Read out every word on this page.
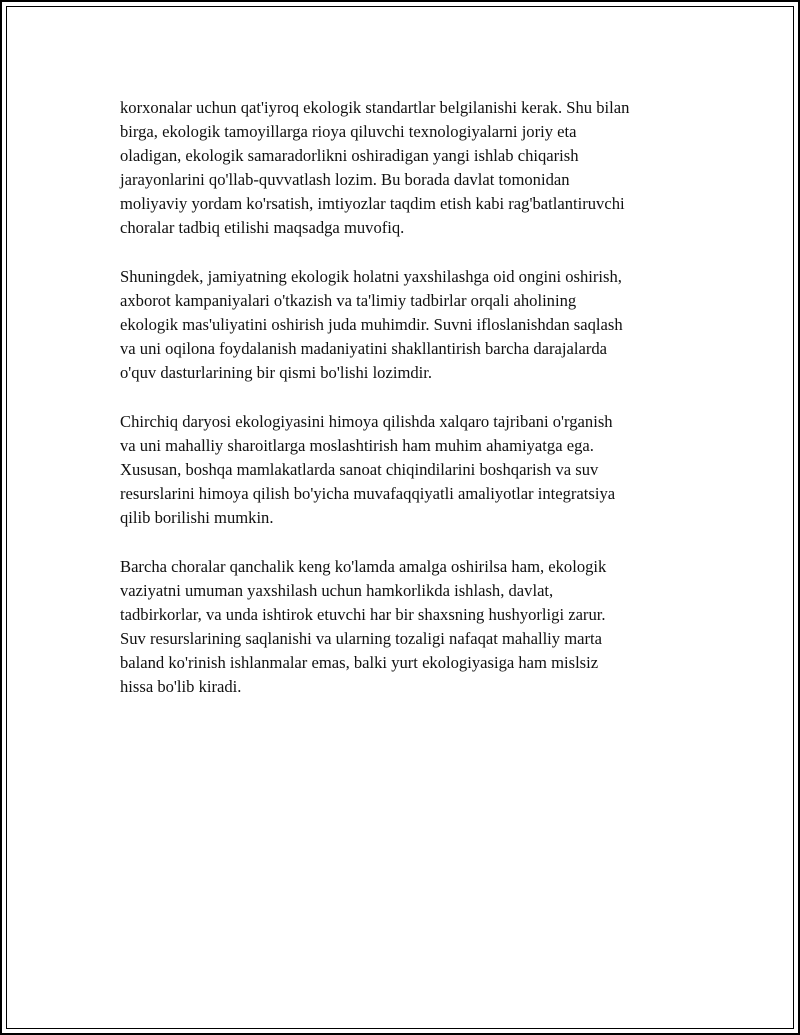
korxonalar uchun qat'iyroq ekologik standartlar belgilanishi kerak. Shu bilan
birga, ekologik tamoyillarga rioya qiluvchi texnologiyalarni joriy eta
oladigan, ekologik samaradorlikni oshiradigan yangi ishlab chiqarish
jarayonlarini qo'llab-quvvatlash lozim. Bu borada davlat tomonidan
moliyaviy yordam ko'rsatish, imtiyozlar taqdim etish kabi rag'batlantiruvchi
choralar tadbiq etilishi maqsadga muvofiq.

Shuningdek, jamiyatning ekologik holatni yaxshilashga oid ongini oshirish,
axborot kampaniyalari o'tkazish va ta'limiy tadbirlar orqali aholining
ekologik mas'uliyatini oshirish juda muhimdir. Suvni ifloslanishdan saqlash
va uni oqilona foydalanish madaniyatini shakllantirish barcha darajalarda
o'quv dasturlarining bir qismi bo'lishi lozimdir.

Chirchiq daryosi ekologiyasini himoya qilishda xalqaro tajribani o'rganish
va uni mahalliy sharoitlarga moslashtirish ham muhim ahamiyatga ega.
Xususan, boshqa mamlakatlarda sanoat chiqindilarini boshqarish va suv
resurslarini himoya qilish bo'yicha muvafaqqiyatli amaliyotlar integratsiya
qilib borilishi mumkin.

Barcha choralar qanchalik keng ko'lamda amalga oshirilsa ham, ekologik
vaziyatni umuman yaxshilash uchun hamkorlikda ishlash, davlat,
tadbirkorlar, va unda ishtirok etuvchi har bir shaxsning hushyorligi zarur.
Suv resurslarining saqlanishi va ularning tozaligi nafaqat mahalliy marta
baland ko'rinish ishlanmalar emas, balki yurt ekologiyasiga ham mislsiz
hissa bo'lib kiradi.
